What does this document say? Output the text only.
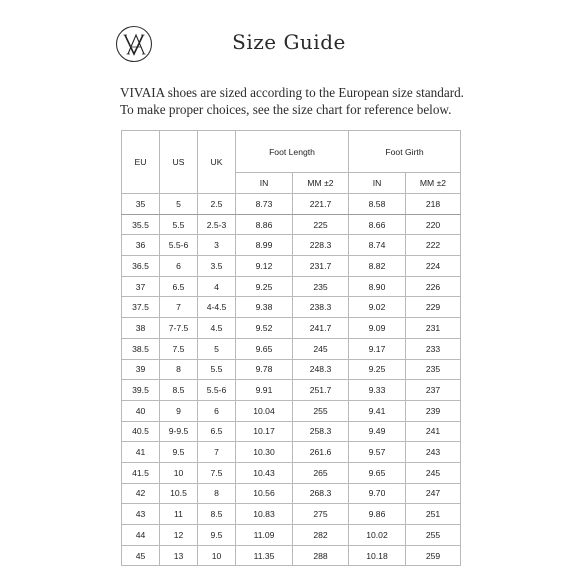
Size Guide
VIVAIA shoes are sized according to the European size standard.
To make proper choices, see the size chart for reference below.
EU	US	UK	Foot Length		Foot Girth	
			IN	MM ±2	IN	MM ±2
35	5	2.5	8.73	221.7	8.58	218
35.5	5.5	2.5-3	8.86	225	8.66	220
36	5.5-6	3	8.99	228.3	8.74	222
36.5	6	3.5	9.12	231.7	8.82	224
37	6.5	4	9.25	235	8.90	226
37.5	7	4-4.5	9.38	238.3	9.02	229
38	7-7.5	4.5	9.52	241.7	9.09	231
38.5	7.5	5	9.65	245	9.17	233
39	8	5.5	9.78	248.3	9.25	235
39.5	8.5	5.5-6	9.91	251.7	9.33	237
40	9	6	10.04	255	9.41	239
40.5	9-9.5	6.5	10.17	258.3	9.49	241
41	9.5	7	10.30	261.6	9.57	243
41.5	10	7.5	10.43	265	9.65	245
42	10.5	8	10.56	268.3	9.70	247
43	11	8.5	10.83	275	9.86	251
44	12	9.5	11.09	282	10.02	255
45	13	10	11.35	288	10.18	259
